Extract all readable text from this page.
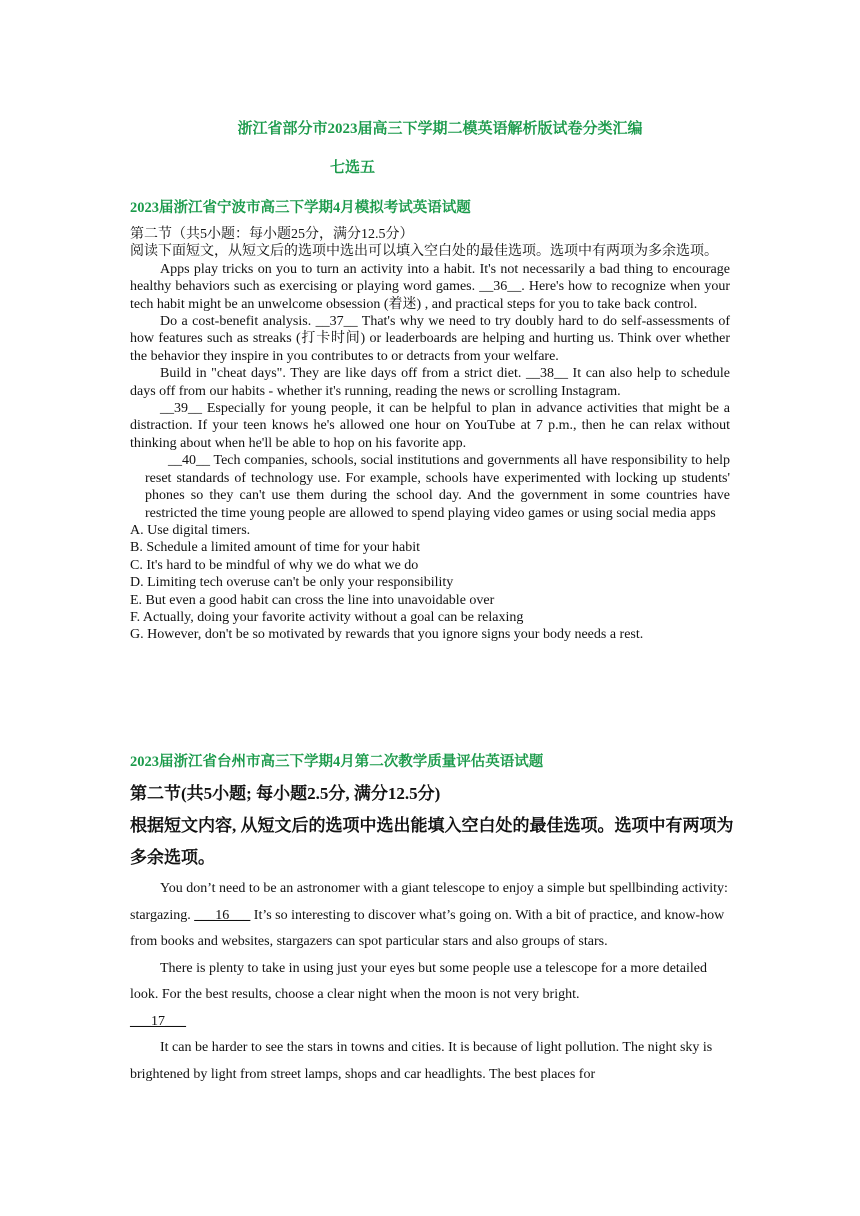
浙江省部分市2023届高三下学期二模英语解析版试卷分类汇编
七选五
2023届浙江省宁波市高三下学期4月模拟考试英语试题

第二节（共5小题：每小题25分，满分12.5分）

阅读下面短文，从短文后的选项中选出可以填入空白处的最佳选项。选项中有两项为多余选项。

Apps play tricks on you to turn an activity into a habit. It's not necessarily a bad thing to encourage healthy behaviors such as exercising or playing word games. __36__. Here's how to recognize when your tech habit might be an unwelcome obsession (着迷) , and practical steps for you to take back control.

Do a cost-benefit analysis. __37__ That's why we need to try doubly hard to do self-assessments of how features such as streaks (打卡时间) or leaderboards are helping and hurting us. Think over whether the behavior they inspire in you contributes to or detracts from your welfare.

Build in "cheat days". They are like days off from a strict diet. __38__ It can also help to schedule days off from our habits - whether it's running, reading the news or scrolling Instagram.

__39__ Especially for young people, it can be helpful to plan in advance activities that might be a distraction. If your teen knows he's allowed one hour on YouTube at 7 p.m., then he can relax without thinking about when he'll be able to hop on his favorite app.

__40__ Tech companies, schools, social institutions and governments all have responsibility to help reset standards of technology use. For example, schools have experimented with locking up students' phones so they can't use them during the school day. And the government in some countries have restricted the time young people are allowed to spend playing video games or using social media apps

A. Use digital timers.

B. Schedule a limited amount of time for your habit

C. It's hard to be mindful of why we do what we do

D. Limiting tech overuse can't be only your responsibility

E. But even a good habit can cross the line into unavoidable over

F. Actually, doing your favorite activity without a goal can be relaxing

G. However, don't be so motivated by rewards that you ignore signs your body needs a rest.

2023届浙江省台州市高三下学期4月第二次教学质量评估英语试题

第二节(共5小题; 每小题2.5分, 满分12.5分)

根据短文内容, 从短文后的选项中选出能填入空白处的最佳选项。选项中有两项为多余选项。

You don’t need to be an astronomer with a giant telescope to enjoy a simple but spellbinding activity: stargazing. ___16___ It’s so interesting to discover what’s going on. With a bit of practice, and know-how from books and websites, stargazers can spot particular stars and also groups of stars.

There is plenty to take in using just your eyes but some people use a telescope for a more detailed look. For the best results, choose a clear night when the moon is not very bright.

___17___

It can be harder to see the stars in towns and cities. It is because of light pollution. The night sky is brightened by light from street lamps, shops and car headlights. The best places for
